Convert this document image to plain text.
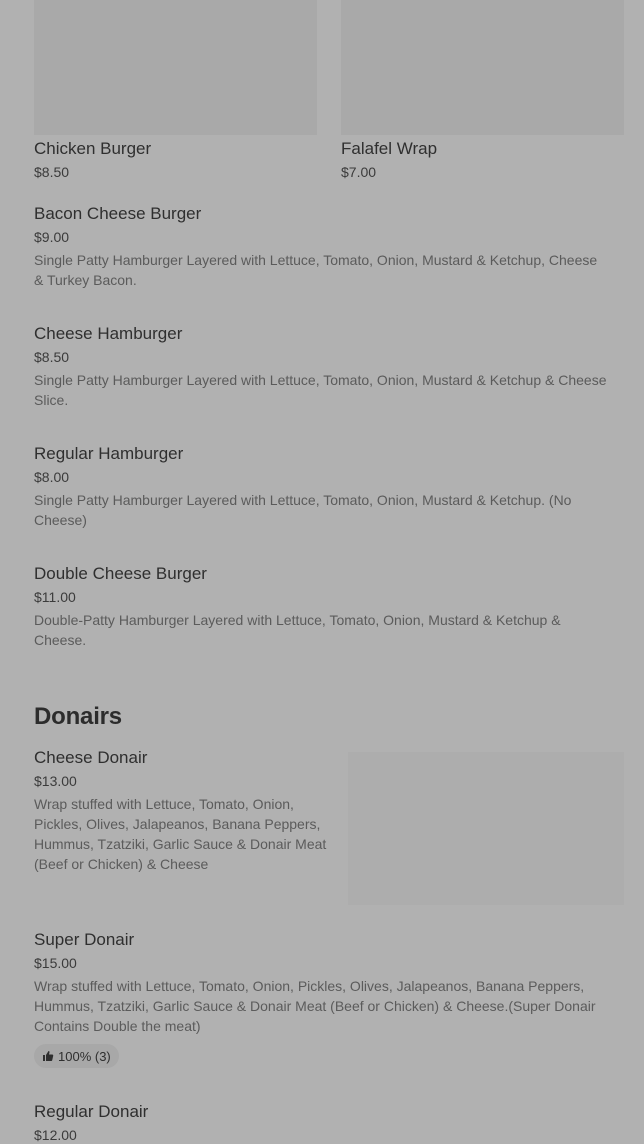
Chicken Burger
$8.50
Falafel Wrap
$7.00
Bacon Cheese Burger
$9.00
Single Patty Hamburger Layered with Lettuce, Tomato, Onion, Mustard & Ketchup, Cheese
& Turkey Bacon.
Cheese Hamburger
$8.50
Single Patty Hamburger Layered with Lettuce, Tomato, Onion, Mustard & Ketchup & Cheese
Slice.
Regular Hamburger
$8.00
Single Patty Hamburger Layered with Lettuce, Tomato, Onion, Mustard & Ketchup. (No
Cheese)
Double Cheese Burger
$11.00
Double-Patty Hamburger Layered with Lettuce, Tomato, Onion, Mustard & Ketchup &
Cheese.
Donairs
Cheese Donair
$13.00
Wrap stuffed with Lettuce, Tomato, Onion,
Pickles, Olives, Jalapeanos, Banana Peppers,
Hummus, Tzatziki, Garlic Sauce & Donair Meat
(Beef or Chicken) & Cheese
Super Donair
$15.00
Wrap stuffed with Lettuce, Tomato, Onion, Pickles, Olives, Jalapeanos, Banana Peppers,
Hummus, Tzatziki, Garlic Sauce & Donair Meat (Beef or Chicken) & Cheese.(Super Donair
Contains Double the meat)
100% (3)
Regular Donair
$12.00
